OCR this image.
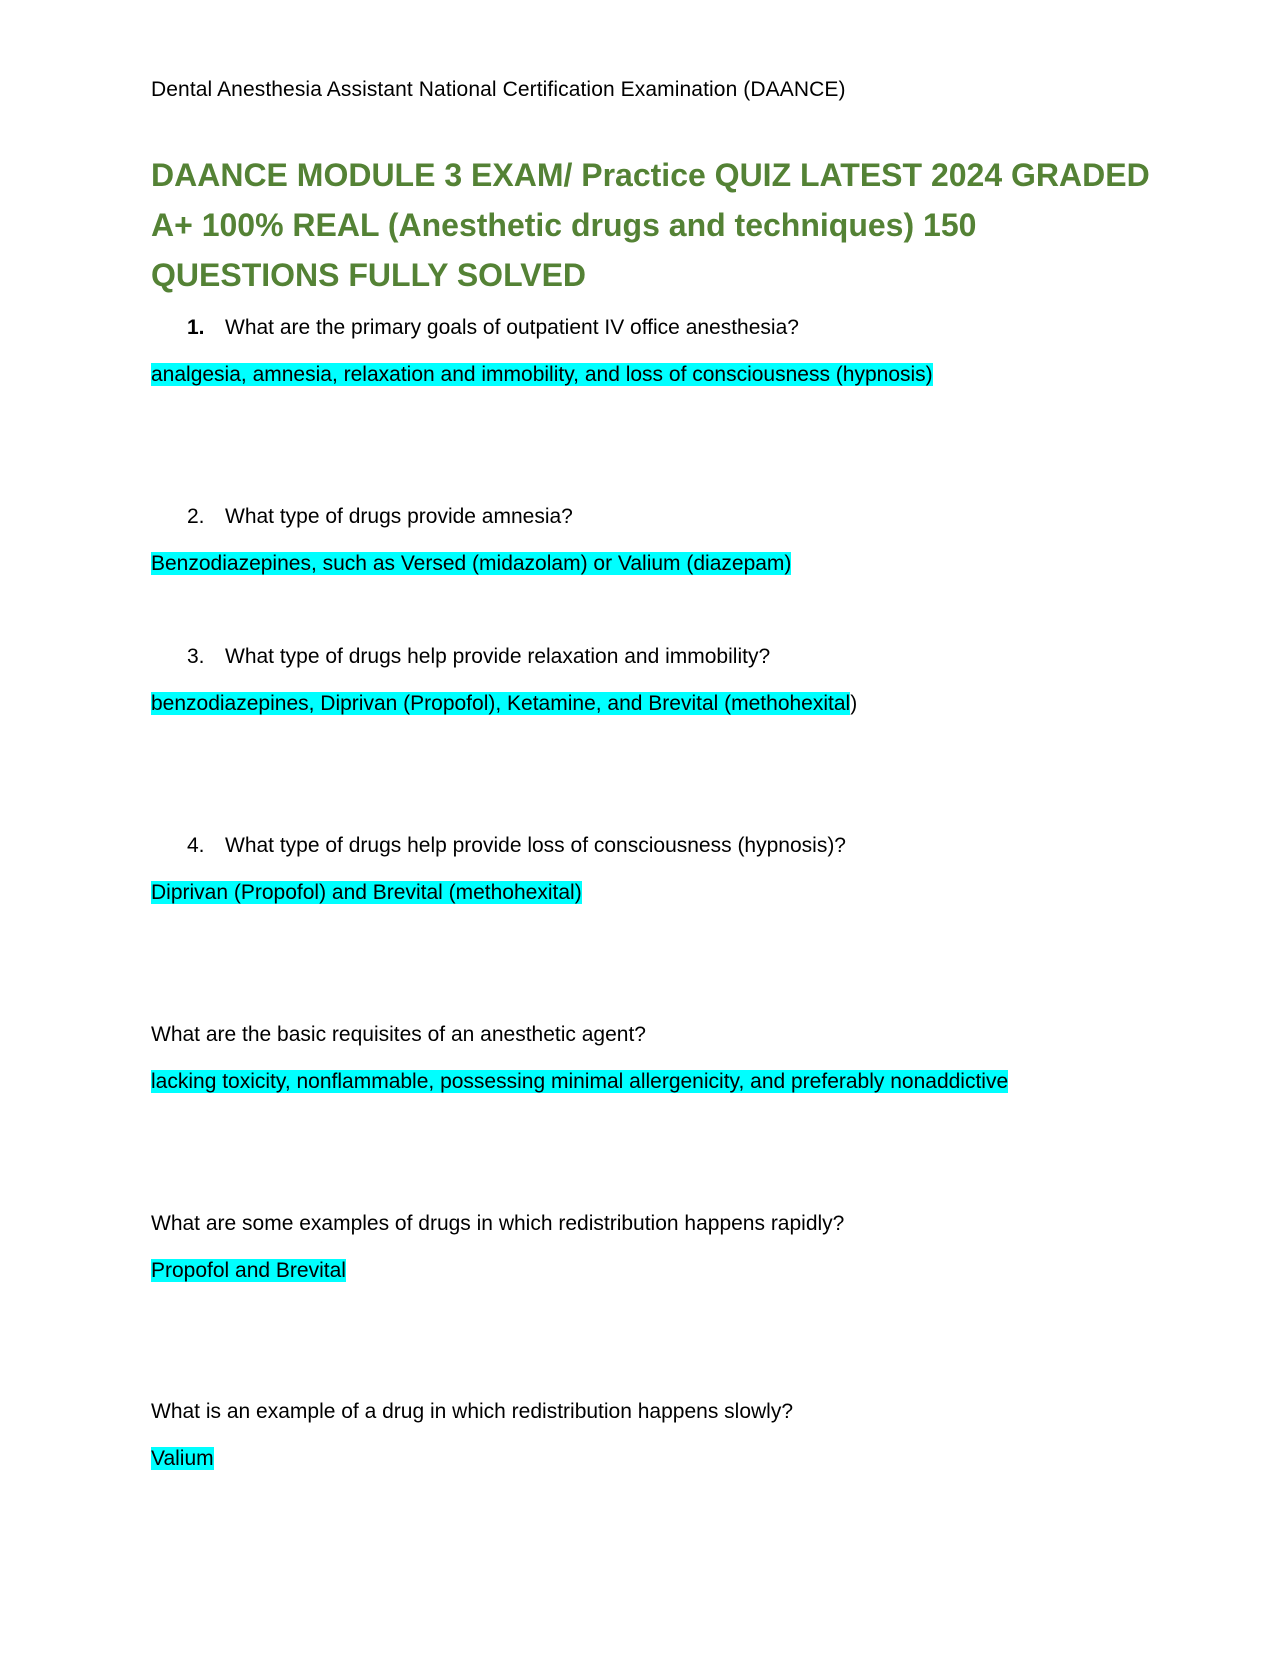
Dental Anesthesia Assistant National Certification Examination (DAANCE)
DAANCE MODULE 3 EXAM/ Practice QUIZ LATEST 2024 GRADED A+ 100% REAL (Anesthetic drugs and techniques) 150 QUESTIONS FULLY SOLVED
1. What are the primary goals of outpatient IV office anesthesia?
analgesia, amnesia, relaxation and immobility, and loss of consciousness (hypnosis)
2. What type of drugs provide amnesia?
Benzodiazepines, such as Versed (midazolam) or Valium (diazepam)
3. What type of drugs help provide relaxation and immobility?
benzodiazepines, Diprivan (Propofol), Ketamine, and Brevital (methohexital)
4. What type of drugs help provide loss of consciousness (hypnosis)?
Diprivan (Propofol) and Brevital (methohexital)
What are the basic requisites of an anesthetic agent?
lacking toxicity, nonflammable, possessing minimal allergenicity, and preferably nonaddictive
What are some examples of drugs in which redistribution happens rapidly?
Propofol and Brevital
What is an example of a drug in which redistribution happens slowly?
Valium
